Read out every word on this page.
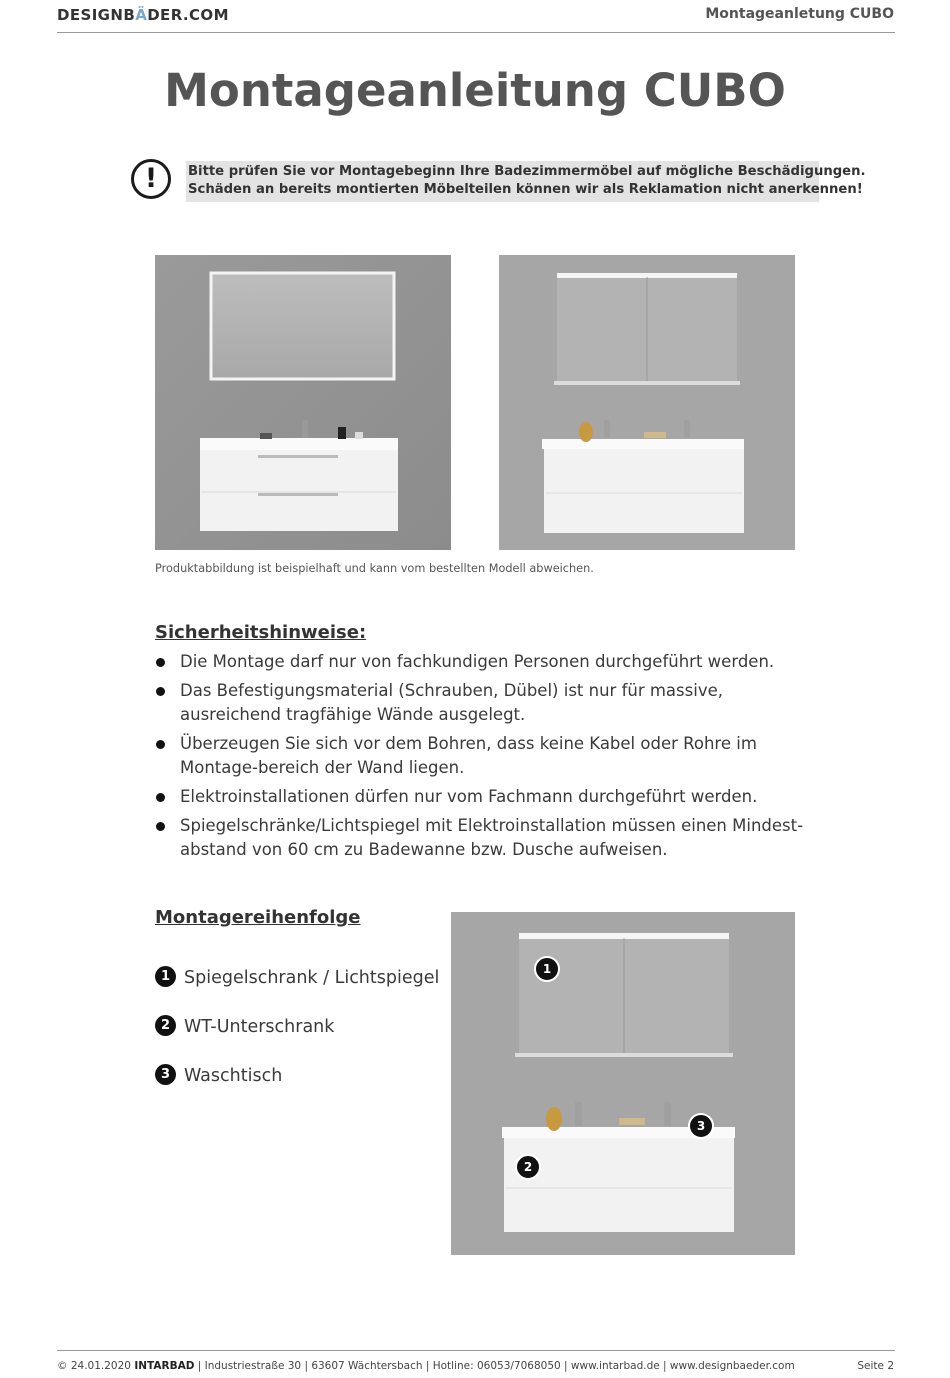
DESIGNBÄDER.COM	Montageanletung CUBO
Montageanleitung CUBO
!	Bitte prüfen Sie vor Montagebeginn Ihre Badezimmermöbel auf mögliche Beschädigungen.
Schäden an bereits montierten Möbelteilen können wir als Reklamation nicht anerkennen!
Produktabbildung ist beispielhaft und kann vom bestellten Modell abweichen.
Sicherheitshinweise:
Die Montage darf nur von fachkundigen Personen durchgeführt werden.
Das Befestigungsmaterial (Schrauben, Dübel) ist nur für massive, ausreichend tragfähige Wände ausgelegt.
Überzeugen Sie sich vor dem Bohren, dass keine Kabel oder Rohre im Montage-bereich der Wand liegen.
Elektroinstallationen dürfen nur vom Fachmann durchgeführt werden.
Spiegelschränke/Lichtspiegel mit Elektroinstallation müssen einen Mindest-abstand von 60 cm zu Badewanne bzw. Dusche aufweisen.
Montagereihenfolge
1 Spiegelschrank / Lichtspiegel
2 WT-Unterschrank
3 Waschtisch
1
2
3
© 24.01.2020 INTARBAD | Industriestraße 30 | 63607 Wächtersbach | Hotline: 06053/7068050 | www.intarbad.de | www.designbaeder.com	Seite 2
